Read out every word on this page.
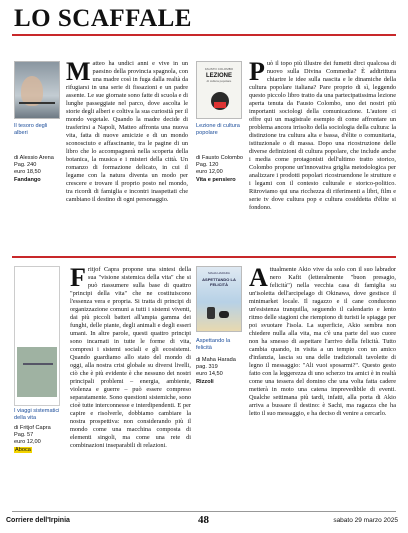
LO SCAFFALE
Il tesoro degli alberi
di Alessio Arena
Pag. 240
euro 18,50
Fandango
Matteo ha undici anni e vive in un paesino della provincia spagnola, con una madre così in fuga dalla realtà da rifugiarsi in una serie di fissazioni e un padre assente. Le sue giornate sono fatte di scuola e di lunghe passeggiate nel parco, dove ascolta le storie degli alberi e coltiva la sua curiosità per il mondo vegetale. Quando la madre decide di trasferirsi a Napoli, Matteo affronta una nuova vita, fatta di nuove amicizie e di un mondo sconosciuto e affascinante, tra le pagine di un libro che lo accompagnerà nella scoperta della botanica, la musica e i misteri della città. Un romanzo di formazione delicato, in cui il legame con la natura diventa un modo per crescere e trovare il proprio posto nel mondo, tra ricordi di famiglia e incontri inaspettati che cambiano il destino di ogni personaggio.
FAUSTO COLOMBO
LEZIONE
di cultura popolare
Lezione di cultura popolare
di Fausto Colombo
Pag. 120
euro 12,00
Vita e pensiero
Può il topo più illustre dei fumetti dirci qualcosa di nuovo sulla Divina Commedia? È addirittura chiarire le idee sulla nascita e le dinamiche della cultura popolare italiana? Pare proprio di sì, leggendo questo piccolo libro tratto da una partecipatissima lezione aperta tenuta da Fausto Colombo, uno dei nostri più importanti sociologi della comunicazione. L'autore ci offre qui un magistrale esempio di come affrontare un problema ancora irrisolto della sociologia della cultura: la distinzione tra cultura alta e bassa, d'élite o comunitaria, istituzionale o di massa. Dopo una ricostruzione delle diverse definizioni di cultura popolare, che include anche i media come protagonisti dell'ultimo tratto storico, Colombo propone un'innovativa griglia metodologica per analizzare i prodotti popolari ricostruendone le strutture e i legami con il contesto culturale e storico-politico. Ritroviamo qui una ricchezza di riferimenti a libri, film e serie tv dove cultura pop e cultura cosiddetta d'élite si fondono.
I viaggi sistematici della vita
di Fritjof Capra
Pag. 57
euro 12,00
Aboca
Fritjof Capra propone una sintesi della sua "visione sistemica della vita" che si può riassumere sulla base di quattro "principi della vita" che ne costituiscono l'essenza vera e propria. Si tratta di principi di organizzazione comuni a tutti i sistemi viventi, dai più piccoli batteri all'ampia gamma dei funghi, delle piante, degli animali e degli esseri umani. In altre parole, questi quattro principi sono incarnati in tutte le forme di vita, compresi i sistemi sociali e gli ecosistemi. Quando guardiamo allo stato del mondo di oggi, alla nostra crisi globale su diversi livelli, ciò che è più evidente è che nessuno dei nostri principali problemi – energia, ambiente, violenza e guerre – può essere compreso separatamente. Sono questioni sistemiche, sono cioè tutte interconnesse e interdipendenti. E per capire e risolverle, dobbiamo cambiare la nostra prospettiva: non considerando più il mondo come una macchina composta di elementi singoli, ma come una rete di combinazioni inseparabili di relazioni.
MAHA HARADA
ASPETTANDO LA FELICITÀ
Aspettando la felicità
di Maha Harada
pag. 319
euro 14,50
Rizzoli
Attualmente Akio vive da solo con il suo labrador nero Kafit (letteralmente "buon presagio, felicità") nella vecchia casa di famiglia su un'isoletta dell'arcipelago di Okinawa, dove gestisce il minimarket locale. Il ragazzo e il cane conducono un'esistenza tranquilla, seguendo il calendario e lento ritmo delle stagioni che riempiono di turisti le spiagge per poi svuotare l'isola. La superficie, Akio sembra non chiedere nulla alla vita, ma c'è una parte del suo cuore non ha smesso di aspettare l'arrivo della felicità. Tutto cambia quando, in visita a un tempio con un amico d'infanzia, lascia su una delle tradizionali tavolette di legno il messaggio: "Ali vuoi sposarmi?". Questo gesto fatto con la leggerezza di uno scherzo tra amici è in realtà come una tessera del domino che una volta fatta cadere metterà in moto una catena imprevedibile di eventi. Qualche settimana più tardi, infatti, alla porta di Akio arriva a bussare il destino: è Sachi, ma ragazza che ha letto il suo messaggio, e ha deciso di venire a cercarlo.
Corriere dell'Irpinia	48	sabato 29 marzo 2025
